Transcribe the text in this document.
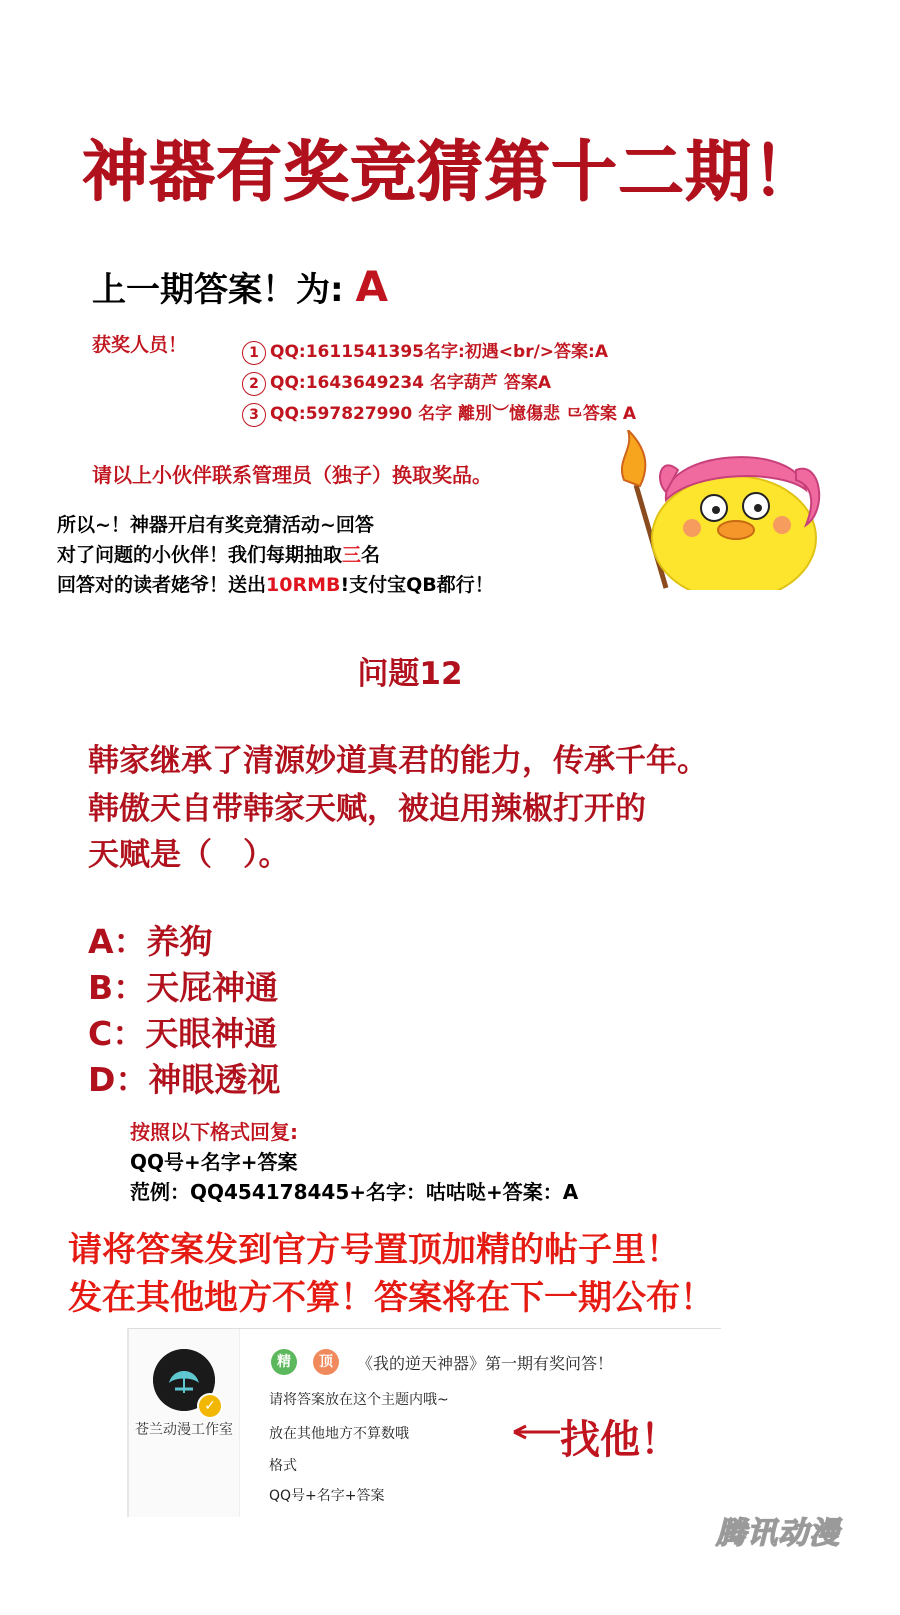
神器有奖竞猜第十二期！
上一期答案！为: A
获奖人员！	1 QQ:1611541395名字:初遇<br/>答案:A
2 QQ:1643649234 名字葫芦 答案A
3 QQ:597827990 名字 離別︶憶傷悲 ⺋答案 A
请以上小伙伴联系管理员（独子）换取奖品。
所以~！神器开启有奖竞猜活动~回答
对了问题的小伙伴！我们每期抽取三名
回答对的读者姥爷！送出10RMB!支付宝QB都行！
问题12
韩家继承了清源妙道真君的能力，传承千年。
韩傲天自带韩家天赋，被迫用辣椒打开的
天赋是（　）。
A：养狗
B：天屁神通
C：天眼神通
D：神眼透视
按照以下格式回复:
QQ号+名字+答案
范例：QQ454178445+名字：咕咕哒+答案：A
请将答案发到官方号置顶加精的帖子里！
发在其他地方不算！答案将在下一期公布！
✓
苍兰动漫工作室
精	顶	《我的逆天神器》第一期有奖问答！
请将答案放在这个主题内哦~
放在其他地方不算数哦
格式
QQ号+名字+答案
找他！
腾讯动漫
